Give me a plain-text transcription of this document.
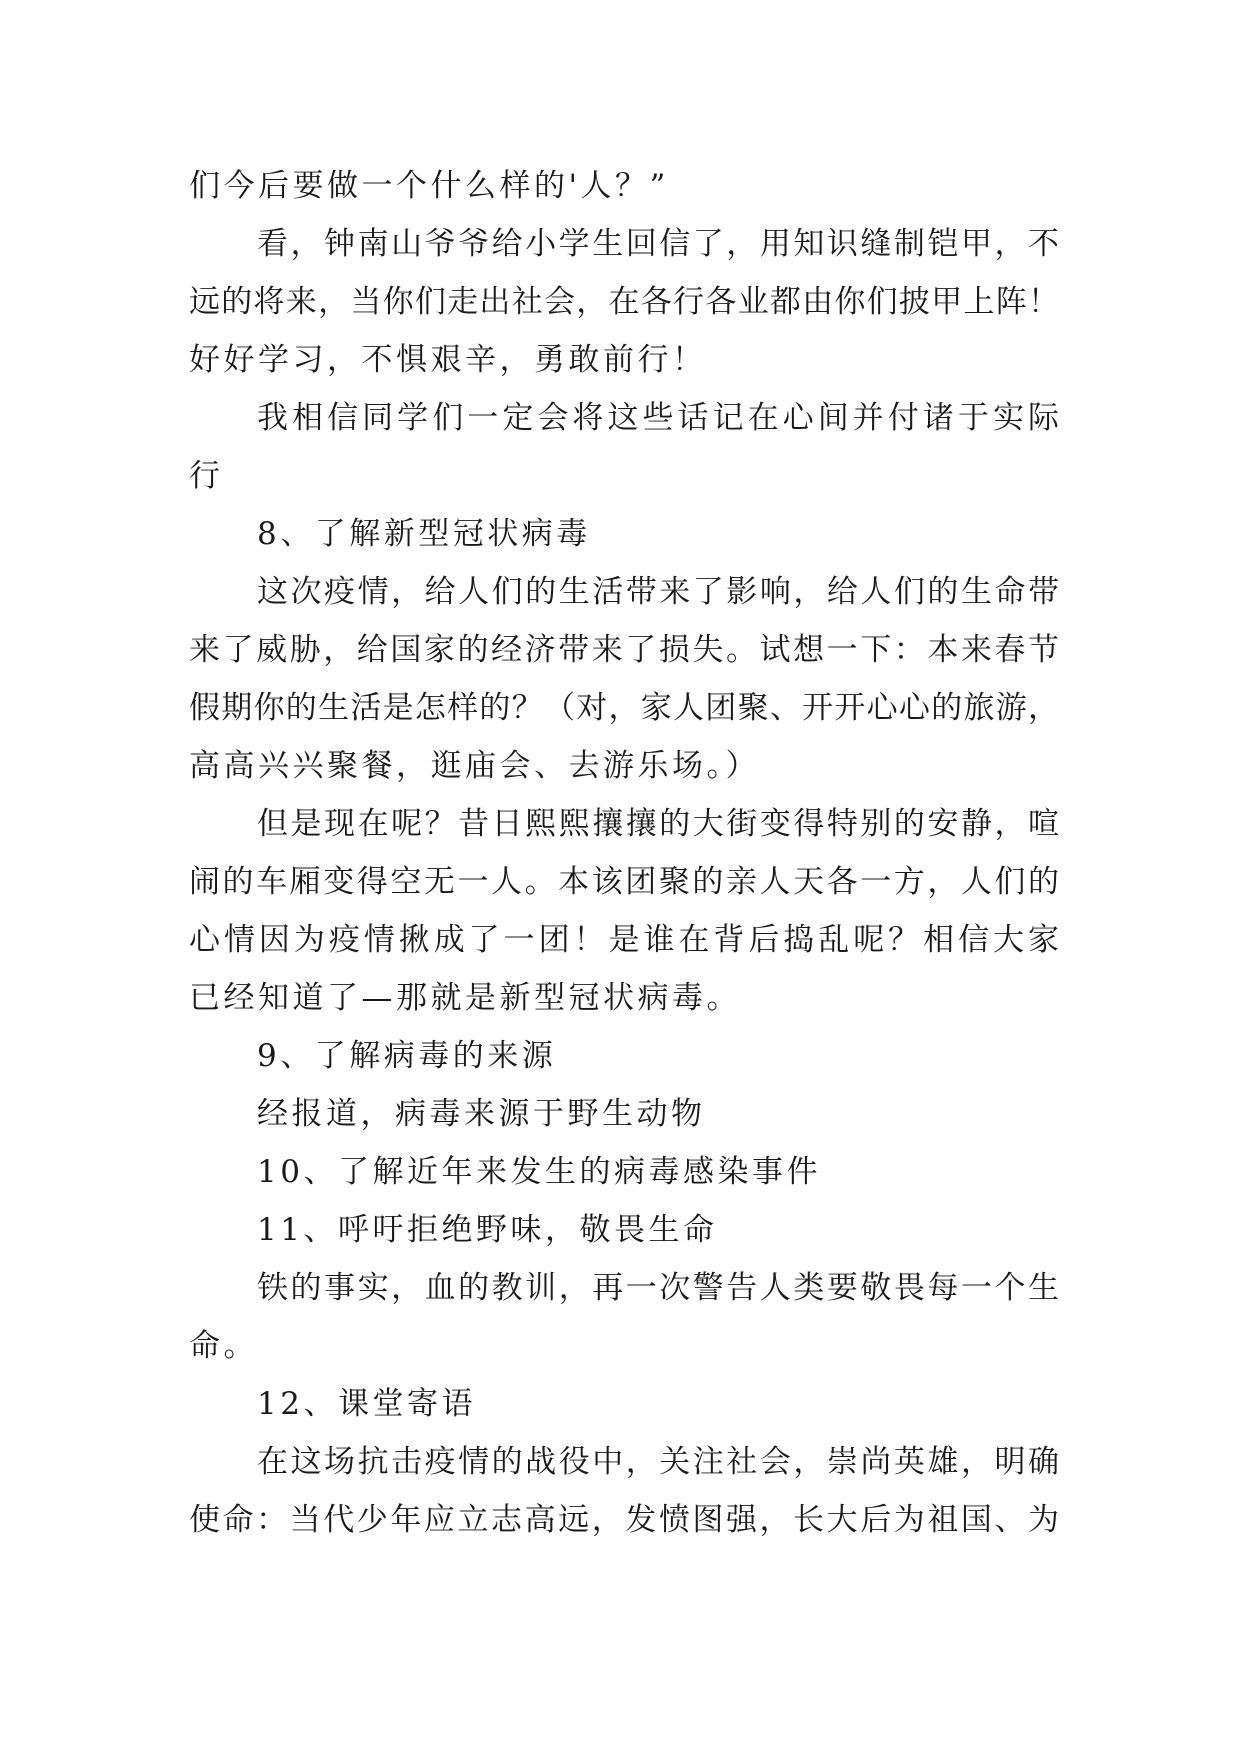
们今后要做一个什么样的'人？”
看，钟南山爷爷给小学生回信了，用知识缝制铠甲，不
远的将来，当你们走出社会，在各行各业都由你们披甲上阵！
好好学习，不惧艰辛，勇敢前行！
我相信同学们一定会将这些话记在心间并付诸于实际
行
8、了解新型冠状病毒
这次疫情，给人们的生活带来了影响，给人们的生命带
来了威胁，给国家的经济带来了损失。试想一下：本来春节
假期你的生活是怎样的？（对，家人团聚、开开心心的旅游，
高高兴兴聚餐，逛庙会、去游乐场。）
但是现在呢？昔日熙熙攘攘的大街变得特别的安静，喧
闹的车厢变得空无一人。本该团聚的亲人天各一方，人们的
心情因为疫情揪成了一团！是谁在背后捣乱呢？相信大家
已经知道了—那就是新型冠状病毒。
9、了解病毒的来源
经报道，病毒来源于野生动物
10、了解近年来发生的病毒感染事件
11、呼吁拒绝野味，敬畏生命
铁的事实，血的教训，再一次警告人类要敬畏每一个生
命。
12、课堂寄语
在这场抗击疫情的战役中，关注社会，崇尚英雄，明确
使命：当代少年应立志高远，发愤图强，长大后为祖国、为
